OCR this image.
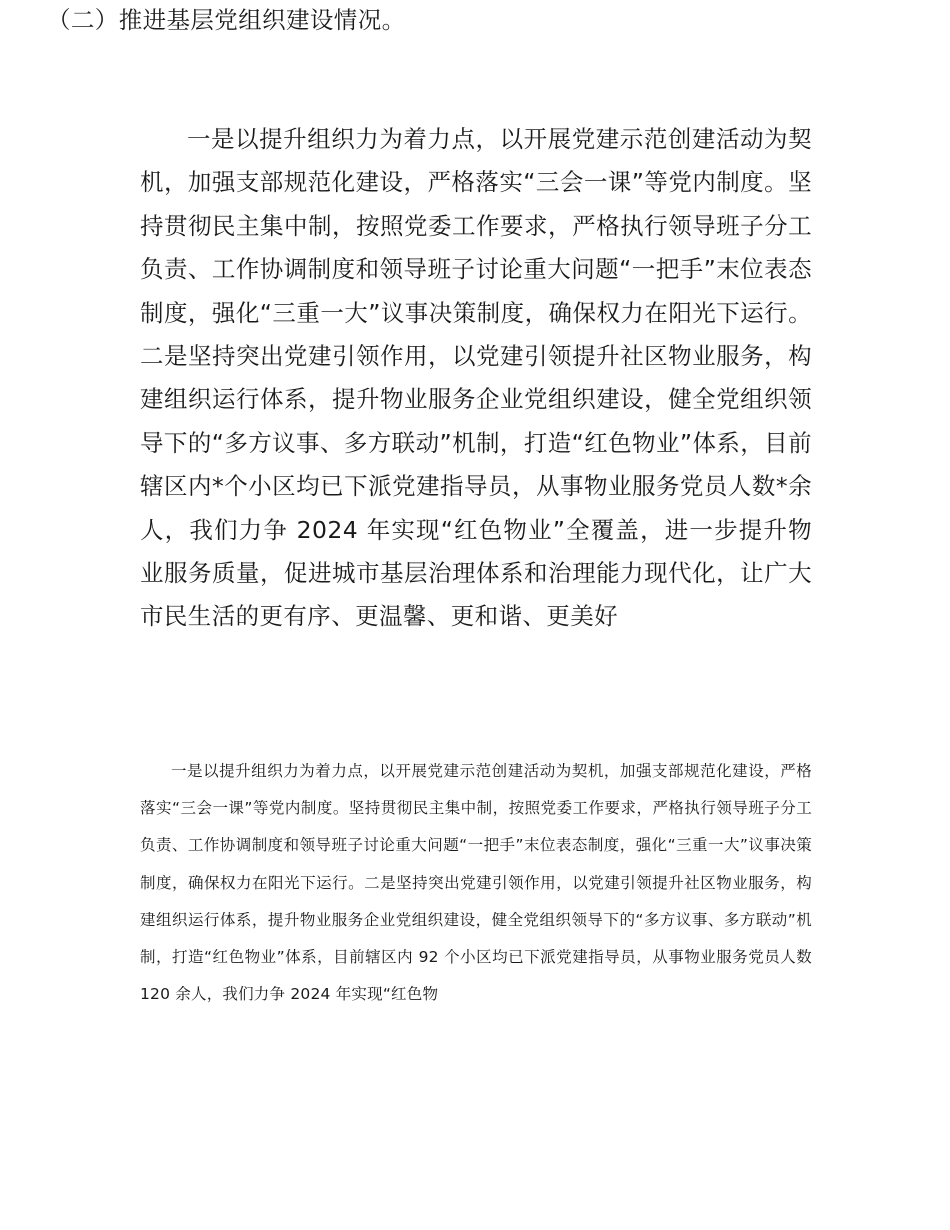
一是以提升组织力为着力点，以开展党建示范创建活动为契机，加强支部规范化建设，严格落实“三会一课”等党内制度。坚持贯彻民主集中制，按照党委工作要求，严格执行领导班子分工负责、工作协调制度和领导班子讨论重大问题“一把手”末位表态制度，强化“三重一大”议事决策制度，确保权力在阳光下运行。二是坚持突出党建引领作用，以党建引领提升社区物业服务，构建组织运行体系，提升物业服务企业党组织建设，健全党组织领导下的“多方议事、多方联动”机制，打造“红色物业”体系，目前辖区内*个小区均已下派党建指导员，从事物业服务党员人数*余人，我们力争 2024 年实现“红色物业”全覆盖，进一步提升物业服务质量，促进城市基层治理体系和治理能力现代化，让广大市民生活的更有序、更温馨、更和谐、更美好

（二）推进基层党组织建设情况。

一是以提升组织力为着力点，以开展党建示范创建活动为契机，加强支部规范化建设，严格落实“三会一课”等党内制度。坚持贯彻民主集中制，按照党委工作要求，严格执行领导班子分工负责、工作协调制度和领导班子讨论重大问题“一把手”末位表态制度，强化“三重一大”议事决策制度，确保权力在阳光下运行。二是坚持突出党建引领作用，以党建引领提升社区物业服务，构建组织运行体系，提升物业服务企业党组织建设，健全党组织领导下的“多方议事、多方联动”机制，打造“红色物业”体系，目前辖区内 92 个小区均已下派党建指导员，从事物业服务党员人数 120 余人，我们力争 2024 年实现“红色物
